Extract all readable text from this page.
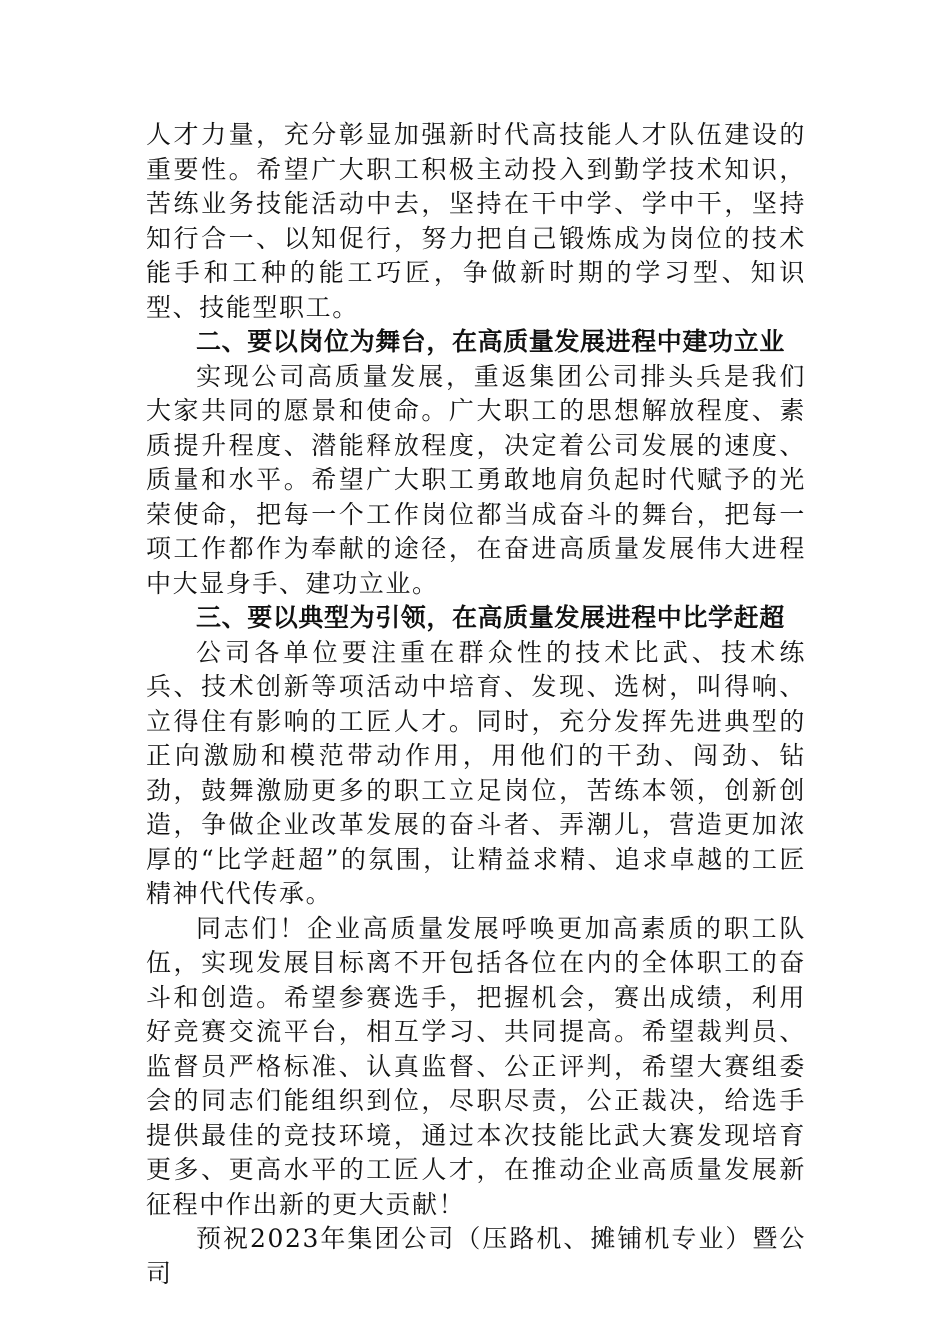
人才力量，充分彰显加强新时代高技能人才队伍建设的重要性。希望广大职工积极主动投入到勤学技术知识，苦练业务技能活动中去，坚持在干中学、学中干，坚持知行合一、以知促行，努力把自己锻炼成为岗位的技术能手和工种的能工巧匠，争做新时期的学习型、知识型、技能型职工。

二、要以岗位为舞台，在高质量发展进程中建功立业

实现公司高质量发展，重返集团公司排头兵是我们大家共同的愿景和使命。广大职工的思想解放程度、素质提升程度、潜能释放程度，决定着公司发展的速度、质量和水平。希望广大职工勇敢地肩负起时代赋予的光荣使命，把每一个工作岗位都当成奋斗的舞台，把每一项工作都作为奉献的途径，在奋进高质量发展伟大进程中大显身手、建功立业。

三、要以典型为引领，在高质量发展进程中比学赶超

公司各单位要注重在群众性的技术比武、技术练兵、技术创新等项活动中培育、发现、选树，叫得响、立得住有影响的工匠人才。同时，充分发挥先进典型的正向激励和模范带动作用，用他们的干劲、闯劲、钻劲，鼓舞激励更多的职工立足岗位，苦练本领，创新创造，争做企业改革发展的奋斗者、弄潮儿，营造更加浓厚的“比学赶超”的氛围，让精益求精、追求卓越的工匠精神代代传承。

同志们！企业高质量发展呼唤更加高素质的职工队伍，实现发展目标离不开包括各位在内的全体职工的奋斗和创造。希望参赛选手，把握机会，赛出成绩，利用好竞赛交流平台，相互学习、共同提高。希望裁判员、监督员严格标准、认真监督、公正评判，希望大赛组委会的同志们能组织到位，尽职尽责，公正裁决，给选手提供最佳的竞技环境，通过本次技能比武大赛发现培育更多、更高水平的工匠人才，在推动企业高质量发展新征程中作出新的更大贡献！

预祝2023年集团公司（压路机、摊铺机专业）暨公司
